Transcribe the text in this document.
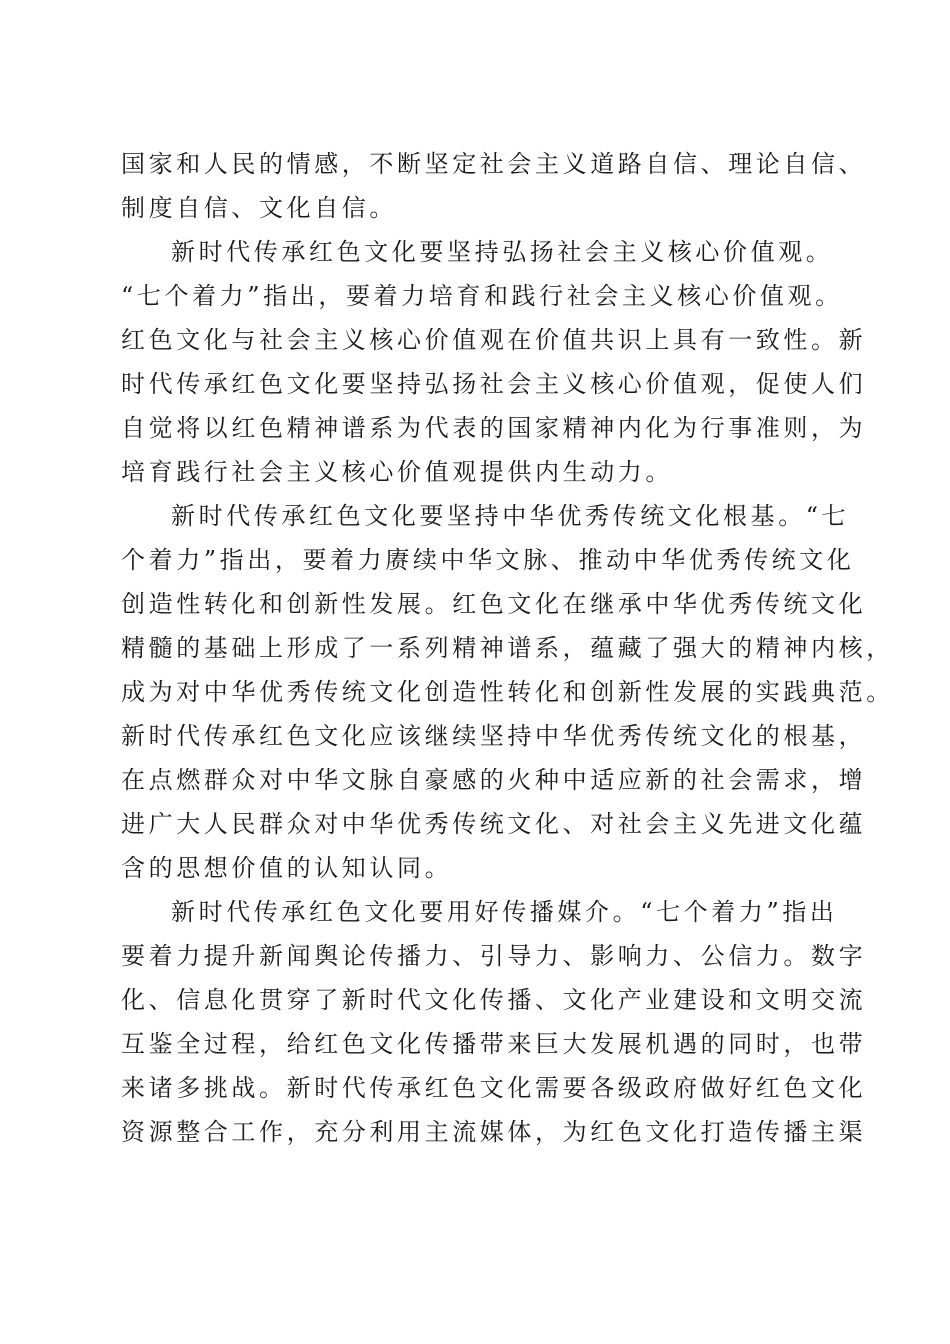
国家和人民的情感，不断坚定社会主义道路自信、理论自信、
制度自信、文化自信。
新时代传承红色文化要坚持弘扬社会主义核心价值观。
“七个着力”指出，要着力培育和践行社会主义核心价值观。
红色文化与社会主义核心价值观在价值共识上具有一致性。新
时代传承红色文化要坚持弘扬社会主义核心价值观，促使人们
自觉将以红色精神谱系为代表的国家精神内化为行事准则，为
培育践行社会主义核心价值观提供内生动力。
新时代传承红色文化要坚持中华优秀传统文化根基。“七
个着力”指出，要着力赓续中华文脉、推动中华优秀传统文化
创造性转化和创新性发展。红色文化在继承中华优秀传统文化
精髓的基础上形成了一系列精神谱系，蕴藏了强大的精神内核，
成为对中华优秀传统文化创造性转化和创新性发展的实践典范。
新时代传承红色文化应该继续坚持中华优秀传统文化的根基，
在点燃群众对中华文脉自豪感的火种中适应新的社会需求，增
进广大人民群众对中华优秀传统文化、对社会主义先进文化蕴
含的思想价值的认知认同。
新时代传承红色文化要用好传播媒介。“七个着力”指出
要着力提升新闻舆论传播力、引导力、影响力、公信力。数字
化、信息化贯穿了新时代文化传播、文化产业建设和文明交流
互鉴全过程，给红色文化传播带来巨大发展机遇的同时，也带
来诸多挑战。新时代传承红色文化需要各级政府做好红色文化
资源整合工作，充分利用主流媒体，为红色文化打造传播主渠
